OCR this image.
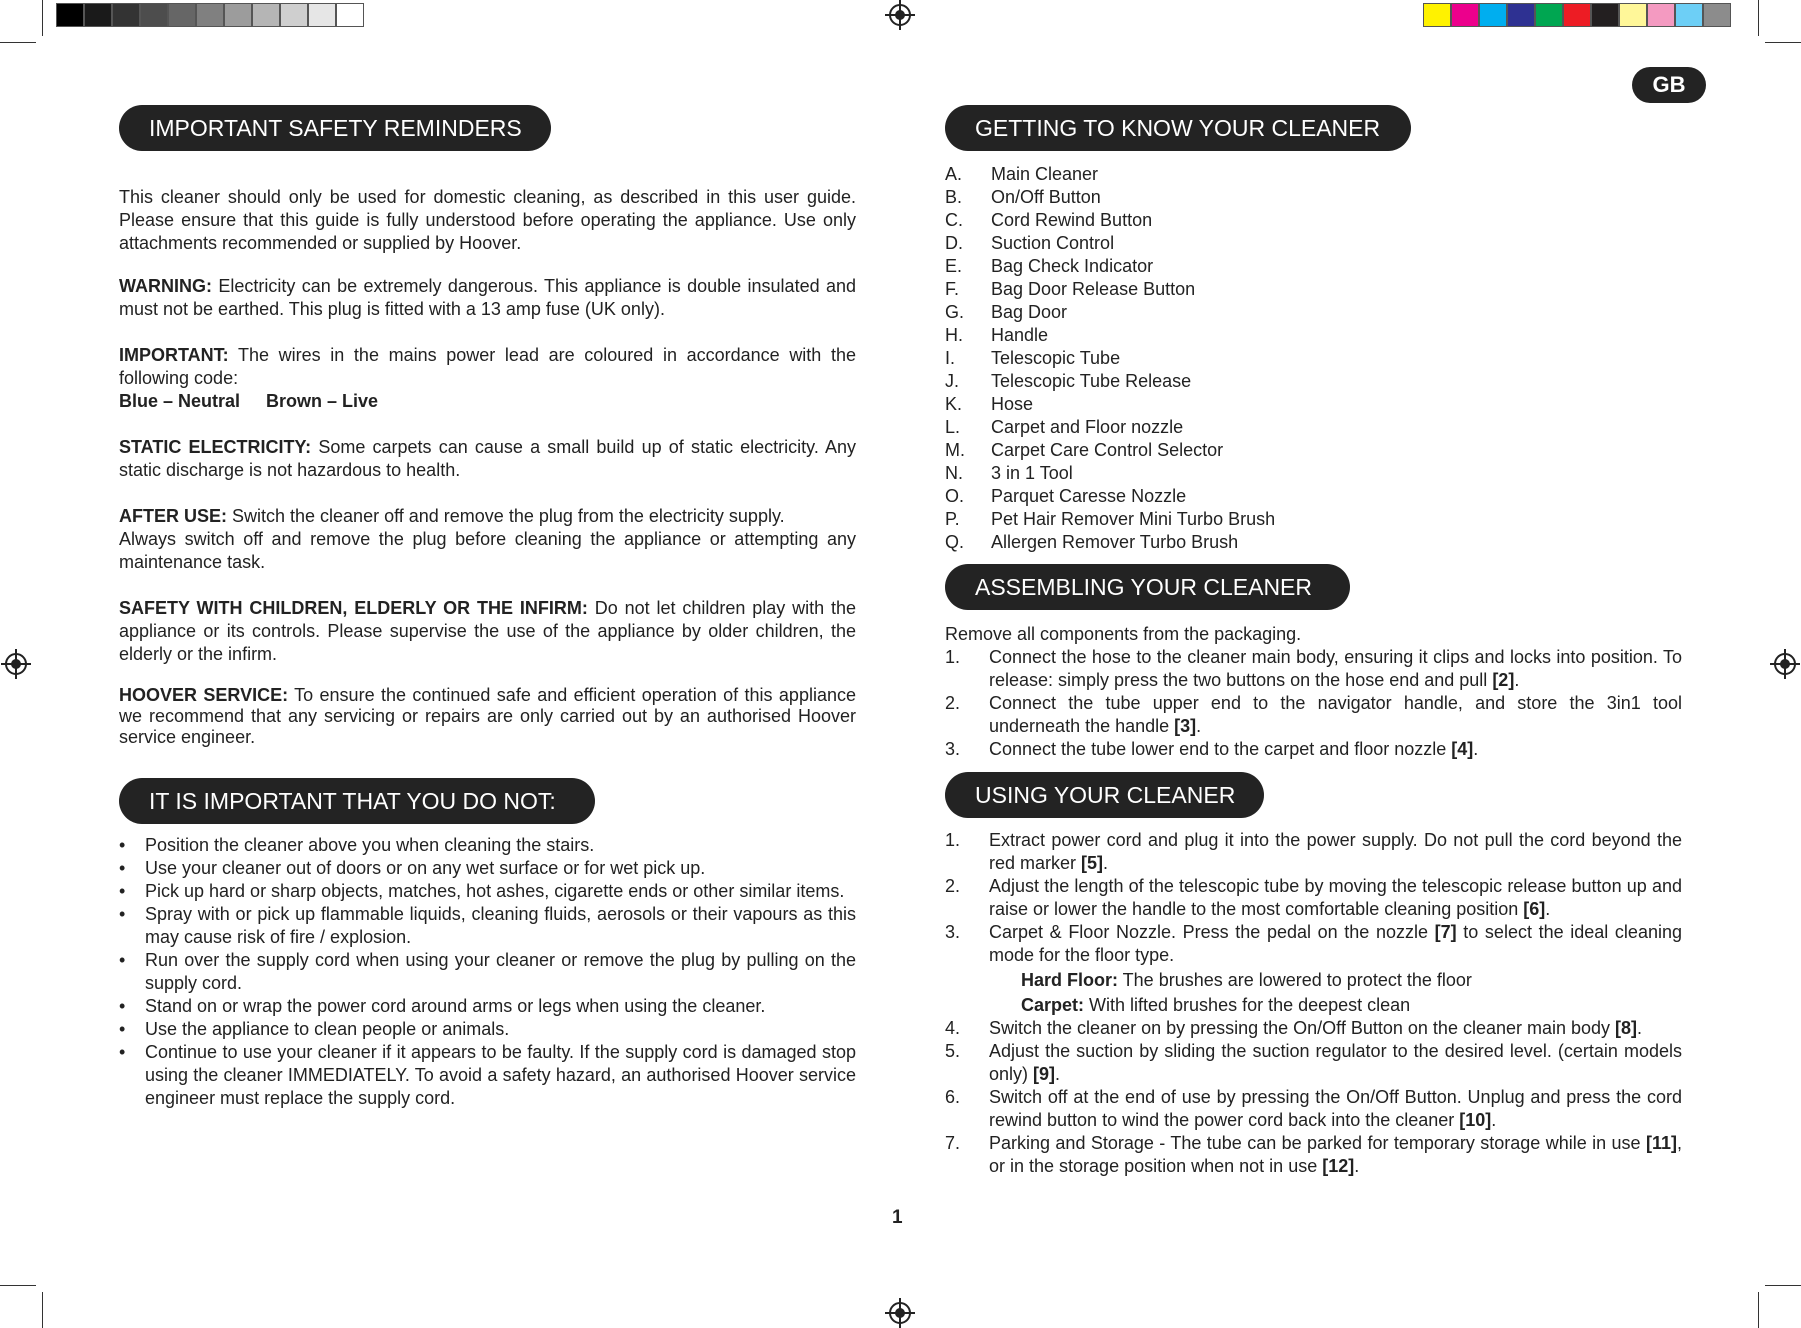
GB
IMPORTANT SAFETY REMINDERS

This cleaner should only be used for domestic cleaning, as described in this user guide. Please ensure that this guide is fully understood before operating the appliance. Use only attachments recommended or supplied by Hoover.

WARNING: Electricity can be extremely dangerous. This appliance is double insulated and must not be earthed. This plug is fitted with a 13 amp fuse (UK only).

IMPORTANT: The wires in the mains power lead are coloured in accordance with the following code:
Blue – Neutral Brown – Live

STATIC ELECTRICITY: Some carpets can cause a small build up of static electricity. Any static discharge is not hazardous to health.

AFTER USE: Switch the cleaner off and remove the plug from the electricity supply.
Always switch off and remove the plug before cleaning the appliance or attempting any maintenance task.

SAFETY WITH CHILDREN, ELDERLY OR THE INFIRM: Do not let children play with the appliance or its controls. Please supervise the use of the appliance by older children, the elderly or the infirm.

HOOVER SERVICE: To ensure the continued safe and efficient operation of this appliance we recommend that any servicing or repairs are only carried out by an authorised Hoover service engineer.

IT IS IMPORTANT THAT YOU DO NOT:
• Position the cleaner above you when cleaning the stairs.
• Use your cleaner out of doors or on any wet surface or for wet pick up.
• Pick up hard or sharp objects, matches, hot ashes, cigarette ends or other similar items.
• Spray with or pick up flammable liquids, cleaning fluids, aerosols or their vapours as this may cause risk of fire / explosion.
• Run over the supply cord when using your cleaner or remove the plug by pulling on the supply cord.
• Stand on or wrap the power cord around arms or legs when using the cleaner.
• Use the appliance to clean people or animals.
• Continue to use your cleaner if it appears to be faulty. If the supply cord is damaged stop using the cleaner IMMEDIATELY. To avoid a safety hazard, an authorised Hoover service engineer must replace the supply cord.
GETTING TO KNOW YOUR CLEANER
A.	Main Cleaner
B.	On/Off Button
C.	Cord Rewind Button
D.	Suction Control
E.	Bag Check Indicator
F.	Bag Door Release Button
G.	Bag Door
H.	Handle
I.	Telescopic Tube
J.	Telescopic Tube Release
K.	Hose
L.	Carpet and Floor nozzle
M.	Carpet Care Control Selector
N.	3 in 1 Tool
O.	Parquet Caresse Nozzle
P.	Pet Hair Remover Mini Turbo Brush
Q.	Allergen Remover Turbo Brush
ASSEMBLING YOUR CLEANER
Remove all components from the packaging.
1. Connect the hose to the cleaner main body, ensuring it clips and locks into position. To release: simply press the two buttons on the hose end and pull [2].
2. Connect the tube upper end to the navigator handle, and store the 3in1 tool underneath the handle [3].
3. Connect the tube lower end to the carpet and floor nozzle [4].
USING YOUR CLEANER
1. Extract power cord and plug it into the power supply. Do not pull the cord beyond the red marker [5].
2. Adjust the length of the telescopic tube by moving the telescopic release button up and raise or lower the handle to the most comfortable cleaning position [6].
3. Carpet & Floor Nozzle. Press the pedal on the nozzle [7] to select the ideal cleaning mode for the floor type.
Hard Floor: The brushes are lowered to protect the floor
Carpet: With lifted brushes for the deepest clean
4. Switch the cleaner on by pressing the On/Off Button on the cleaner main body [8].
5. Adjust the suction by sliding the suction regulator to the desired level. (certain models only) [9].
6. Switch off at the end of use by pressing the On/Off Button. Unplug and press the cord rewind button to wind the power cord back into the cleaner [10].
7. Parking and Storage - The tube can be parked for temporary storage while in use [11], or in the storage position when not in use [12].
1
